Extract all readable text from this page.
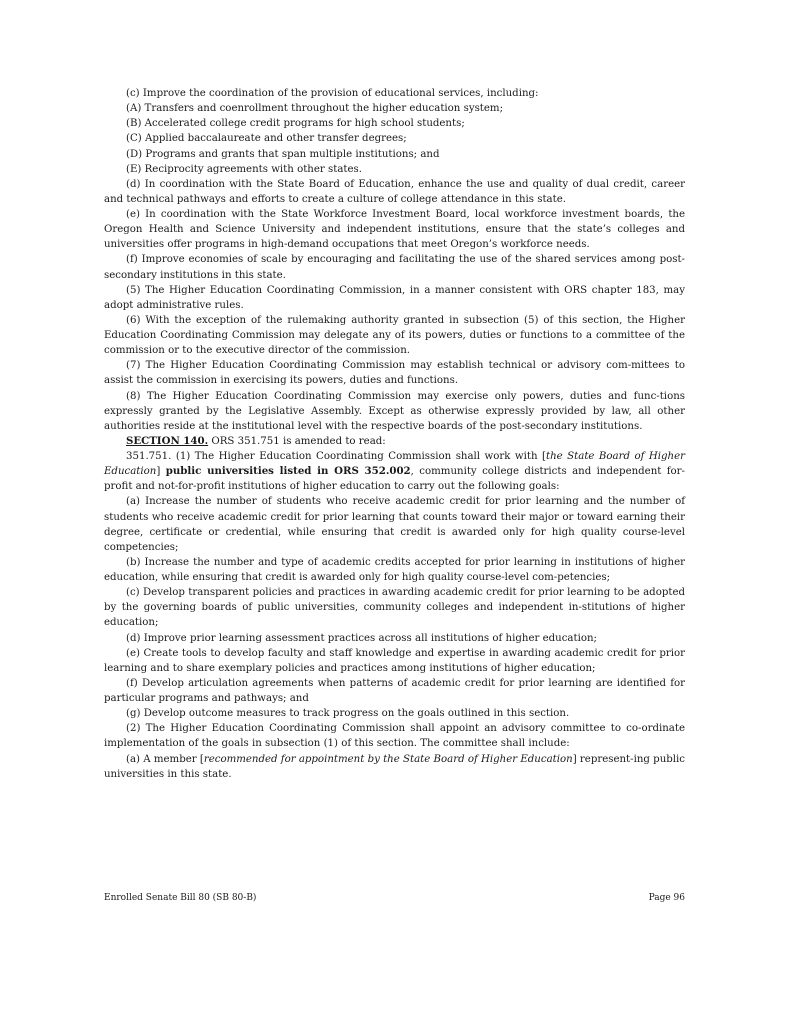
(c) Improve the coordination of the provision of educational services, including:

(A) Transfers and coenrollment throughout the higher education system;

(B) Accelerated college credit programs for high school students;

(C) Applied baccalaureate and other transfer degrees;

(D) Programs and grants that span multiple institutions; and

(E) Reciprocity agreements with other states.

(d) In coordination with the State Board of Education, enhance the use and quality of dual credit, career and technical pathways and efforts to create a culture of college attendance in this state.

(e) In coordination with the State Workforce Investment Board, local workforce investment boards, the Oregon Health and Science University and independent institutions, ensure that the state’s colleges and universities offer programs in high-demand occupations that meet Oregon’s workforce needs.

(f) Improve economies of scale by encouraging and facilitating the use of the shared services among post-secondary institutions in this state.

(5) The Higher Education Coordinating Commission, in a manner consistent with ORS chapter 183, may adopt administrative rules.

(6) With the exception of the rulemaking authority granted in subsection (5) of this section, the Higher Education Coordinating Commission may delegate any of its powers, duties or functions to a committee of the commission or to the executive director of the commission.

(7) The Higher Education Coordinating Commission may establish technical or advisory com-mittees to assist the commission in exercising its powers, duties and functions.

(8) The Higher Education Coordinating Commission may exercise only powers, duties and func-tions expressly granted by the Legislative Assembly. Except as otherwise expressly provided by law, all other authorities reside at the institutional level with the respective boards of the post-secondary institutions.

SECTION 140. ORS 351.751 is amended to read:

351.751. (1) The Higher Education Coordinating Commission shall work with [the State Board of Higher Education] public universities listed in ORS 352.002, community college districts and independent for-profit and not-for-profit institutions of higher education to carry out the following goals:

(a) Increase the number of students who receive academic credit for prior learning and the number of students who receive academic credit for prior learning that counts toward their major or toward earning their degree, certificate or credential, while ensuring that credit is awarded only for high quality course-level competencies;

(b) Increase the number and type of academic credits accepted for prior learning in institutions of higher education, while ensuring that credit is awarded only for high quality course-level com-petencies;

(c) Develop transparent policies and practices in awarding academic credit for prior learning to be adopted by the governing boards of public universities, community colleges and independent in-stitutions of higher education;

(d) Improve prior learning assessment practices across all institutions of higher education;

(e) Create tools to develop faculty and staff knowledge and expertise in awarding academic credit for prior learning and to share exemplary policies and practices among institutions of higher education;

(f) Develop articulation agreements when patterns of academic credit for prior learning are identified for particular programs and pathways; and

(g) Develop outcome measures to track progress on the goals outlined in this section.

(2) The Higher Education Coordinating Commission shall appoint an advisory committee to co-ordinate implementation of the goals in subsection (1) of this section. The committee shall include:

(a) A member [recommended for appointment by the State Board of Higher Education] represent-ing public universities in this state.

Enrolled Senate Bill 80 (SB 80-B)	Page 96
